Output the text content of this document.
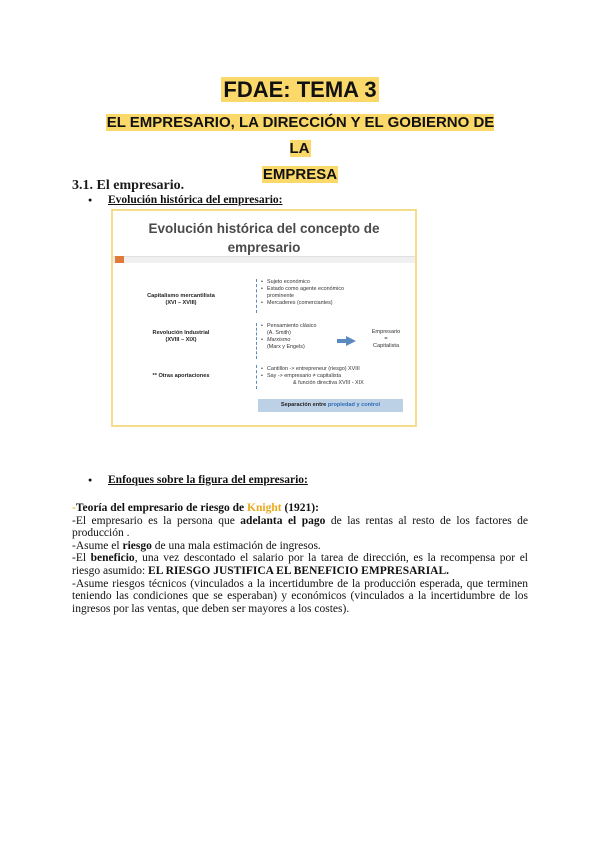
FDAE: TEMA 3
EL EMPRESARIO, LA DIRECCIÓN Y EL GOBIERNO DE LA
EMPRESA
3.1. El empresario.
● Evolución histórica del empresario:
Evolución histórica del concepto de
empresario
Capitalismo mercantilista
(XVI – XVIII)
• Sujeto económico
• Estado como agente económico
prominente
• Mercaderes (comerciantes)
Revolución Industrial
(XVIII – XIX)
• Pensamiento clásico
(A. Smith)
• Marxismo
(Marx y Engels)
Empresario
=
Capitalista
** Otras aportaciones
• Cantillon -> entrepreneur (riesgo) XVIII
• Say -> empresario ≠ capitalista
& función directiva XVIII - XIX
Separación entre propiedad y control
● Enfoques sobre la figura del empresario:

-Teoría del empresario de riesgo de Knight (1921):

-El empresario es la persona que adelanta el pago de las rentas al resto de los factores de producción .

-Asume el riesgo de una mala estimación de ingresos.

-El beneficio, una vez descontado el salario por la tarea de dirección, es la recompensa por el riesgo asumido: EL RIESGO JUSTIFICA EL BENEFICIO EMPRESARIAL.

-Asume riesgos técnicos (vinculados a la incertidumbre de la producción esperada, que terminen teniendo las condiciones que se esperaban) y económicos (vinculados a la incertidumbre de los ingresos por las ventas, que deben ser mayores a los costes).
